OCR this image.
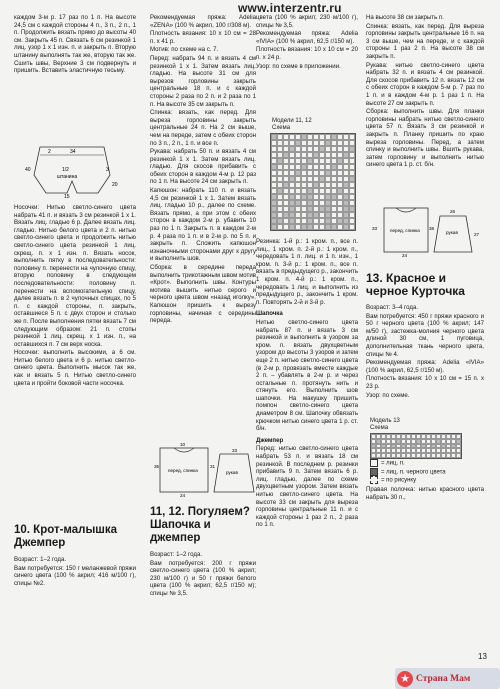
www.interzentr.ru

каждом 3-м р. 17 раз по 1 п. На высоте 24,5 см с каждой стороны 4 п., 3 п., 2 п., 1 п. Продолжить вязать прямо до высоты 40 см. Закрыть 45 п. Связать 6 см резинкой 1 лиц. узор 1 х 1 изн. п. и закрыть п. Вторую штанину выполнять так же, вторую так же. Сшить швы, Верхние 3 см подвернуть и пришить. Вставить эластичную тесьму.

34
40	3
1/2
штанина
15
20
2

Носочки: Нитью светло-синего цвета набрать 41 п. и вязать 3 см резинкой 1 х 1. Вязать лиц. гладью 6 р. Далее вязать лиц. гладью. Нитью белого цвета и 2 п. нитью светло-синего цвета и продолжить нитью светло-синего цвета резинкой 1 лиц. скрещ. п. х 1 изн. п. Вязать носок, выполнить пятку в последовательности: половину п. перенести на чулочную спицу, вторую половину в следующем последовательности: половину п. перенести на вспомогательную спицу, далее вязать п. в 2 чулочных спицах, по 5 п. с каждой стороны, п. закрыть, оставшиеся 5 п. с двух сторон и столько же п. После выполнения пятки вязать 7 см следующим образом: 21 п. стопы резинкой 1 лиц. скрещ. х 1 изн. п., на оставшихся п. 7 см верх носка.

Носочки: выполнить высокими, а 6 см. Нитью белого цвета и 6 р. нитью светло-синего цвета. Выполнить мысок так же, как и вязать 5 п. Нитью светло-синего цвета и пройти боковой части носочка.

10. Крот-малышка Джемпер

Возраст: 1–2 года.

Вам потребуется: 150 г меланжевой пряжи синего цвета (100 % акрил; 416 м/100 г), спицы №2.

Рекомендуемая пряжа: Adelia «ZENA» (100 % акрил, 100 г/308 м).

Плотность вязания: 10 х 10 см = 28 п. х 41 р.

Мотив: по схеме на с. 7.

Перед: набрать 94 п. и вязать 4 см резинкой 1 х 1. Затем вязать лиц. гладью. На высоте 31 см для вырезов горловины закрыть центральные 18 п. и с каждой стороны 2 раза по 2 п. и 2 раза по 1 п. На высоте 35 см закрыть п.

Спинка: вязать, как перед. Для выреза горловины закрыть центральные 24 п. На 2 см выше, чем на переде, затем с обеих сторон по 3 п., 2 п., 1 п. и все п.

Рукава: набрать 50 п. и вязать 4 см резинкой 1 х 1. Затем вязать лиц. гладью. Для скосов прибавить с обеих сторон в каждом 4-м р. 12 раз по 1 п. На высоте 24 см закрыть п.

Капюшон: набрать 110 п. и вязать 4,5 см резинкой 1 х 1. Затем вязать лиц. гладью 10 р., далее по схеме. Вязать прямо, а при этом с обеих сторон в каждом 2-м р. убавить 10 раз по 1 п. Закрыть п. в каждом 2-м р. 4 раза по 1 п. и в 2-м р. по 5 п. и закрыть п. Сложить капюшон изнаночными сторонами друг к другу и выполнить шов.

Сборка: в середине переда выполнить трикотажным швом мотив «Крот». Выполнить швы. Контуры мотива вышить нитью серого и черного цвета швом «назад иголку». Капюшон пришить к вырезу горловины, начиная с середины переда.

перед, спинка	рукав
10
24
31
35
33
11, 12. Погуляем? Шапочка и джемпер

Возраст: 1–2 года.

Вам потребуется: 200 г пряжи светло-синего цвета (100 % акрил; 230 м/100 г) и 50 г пряжи белого цвета (100 % акрил; 62,5 г/150 м); спицы № 3,5.

цвета (100 % акрил; 230 м/100 г), спицы № 3,5.

Рекомендуемая пряжа: Adelia «IVIA» (100 % акрил, 62,5 г/150 м).

Плотность вязания: 10 х 10 см = 20 п. х 24 р.

Узор: по схеме в приложении.

Модели 11, 12
Схема

Резинка: 1-й р.: 1 кром. п., все п. лиц., 1 кром. п. 2-й р.: 1 кром. п., чередовать 1 п. лиц. и 1 п. изн., 1 кром. п. 3-й р.: 1 кром. п., все п. вязать в предыдущего р., закончить 1 кром. п. 4-й р.: 1 кром. п., чередовать 1 лиц. и выполнить из предыдущего р., закончить 1 кром. п. Повторять 2-й и 3-й р.

Шапочка

Нитью светло-синего цвета набрать 87 п. и вязать 3 см резинкой и выполнить в узором за кром. п. вязать двухцветным узором до высоты 3 узоров и затем еще 2 п. нитью светло-синего цвета (в 2-м р. провязать вместе каждые 2 п. – убавлять в 2-м р. и через остальные п. протянуть нить и стянуть его. Выполнить шов шапочки. На макушку пришить помпон светло-синего цвета диаметром 8 см. Шапочку обвязать крючком нитью синего цвета 1 р. ст. б/н.

Джемпер

Перед: нитью светло-синего цвета набрать 53 п. и вязать 18 см резинкой. В последнем р. резинки прибавить 9 п. Затем вязать 6 р. лиц. гладью, далее по схеме двухцветным узором. Затем вязать нитью светло-синего цвета. На высоте 33 см закрыть для выреза горловины центральные 11 п. и с каждой стороны 1 раз 2 п., 2 раза по 1 п.

На высоте 38 см закрыть п.

Спинка: вязать, как перед. Для выреза горловины закрыть центральные 16 п. на 3 см выше, чем на переде, и с каждой стороны 1 раз 2 п. На высоте 38 см закрыть п.

Рукава: нитью светло-синего цвета набрать 32 п. и вязать 4 см резинкой. Для скосов прибавить 12 п. вязать 12 см с обеих сторон в каждом 5-м р. 7 раз по 1 п. и в каждом 4-м р. 1 раз 1 п. На высоте 27 см закрыть п.

Сборка: выполнить швы. Для планки горловины набрать нитью светло-синего цвета 57 п. Вязать 3 см резинкой и закрыть п. Планку пришить по краю выреза горловины. Перед, а затем спинку и выполнить швы. Вшить рукава, затем горловину и выполнить нитью синего цвета 1 р. ст. б/н.

перед, спинка	рукав
24
33	38
26
27
13. Красное и черное Курточка

Возраст: 3–4 года.

Вам потребуется: 450 г пряжи красного и 50 г черного цвета (100 % акрил; 147 м/50 г), застежка-молния черного цвета длиной 30 см, 1 пуговица, дополнительная ткань черного цвета, спицы № 4.

Рекомендуемая пряжа: Adelia «IVIA» (100 % акрил, 62,5 г/150 м).

Плотность вязания: 10 х 10 см = 15 п. х 23 р.

Узор: по схеме.

Модель 13
Схема
= лиц. п.
= лиц. п. черного цвета
= по рисунку

Правая полочка: нитью красного цвета набрать 30 п.,

13
★ Страна Мам
